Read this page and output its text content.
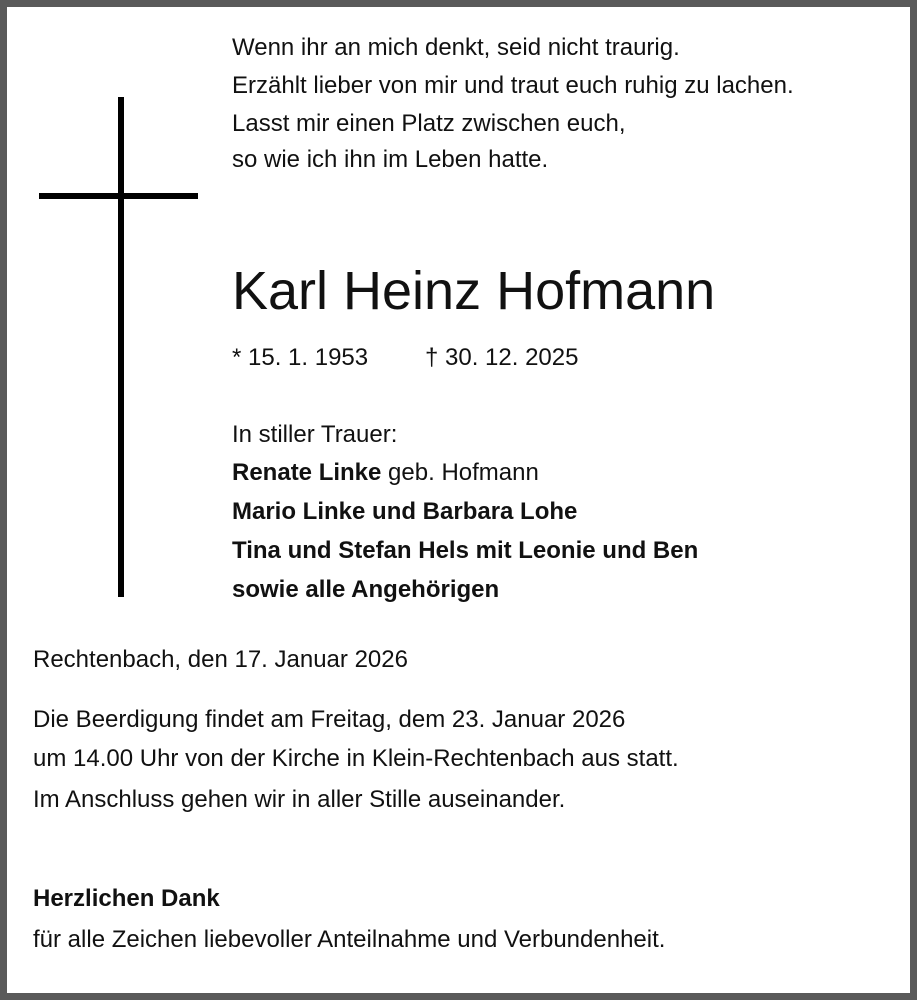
Wenn ihr an mich denkt, seid nicht traurig.
Erzählt lieber von mir und traut euch ruhig zu lachen.
Lasst mir einen Platz zwischen euch,
so wie ich ihn im Leben hatte.
Karl Heinz Hofmann
* 15. 1. 1953 † 30. 12. 2025
In stiller Trauer:
Renate Linke geb. Hofmann
Mario Linke und Barbara Lohe
Tina und Stefan Hels mit Leonie und Ben
sowie alle Angehörigen
Rechtenbach, den 17. Januar 2026
Die Beerdigung findet am Freitag, dem 23. Januar 2026
um 14.00 Uhr von der Kirche in Klein-Rechtenbach aus statt.
Im Anschluss gehen wir in aller Stille auseinander.
Herzlichen Dank
für alle Zeichen liebevoller Anteilnahme und Verbundenheit.
